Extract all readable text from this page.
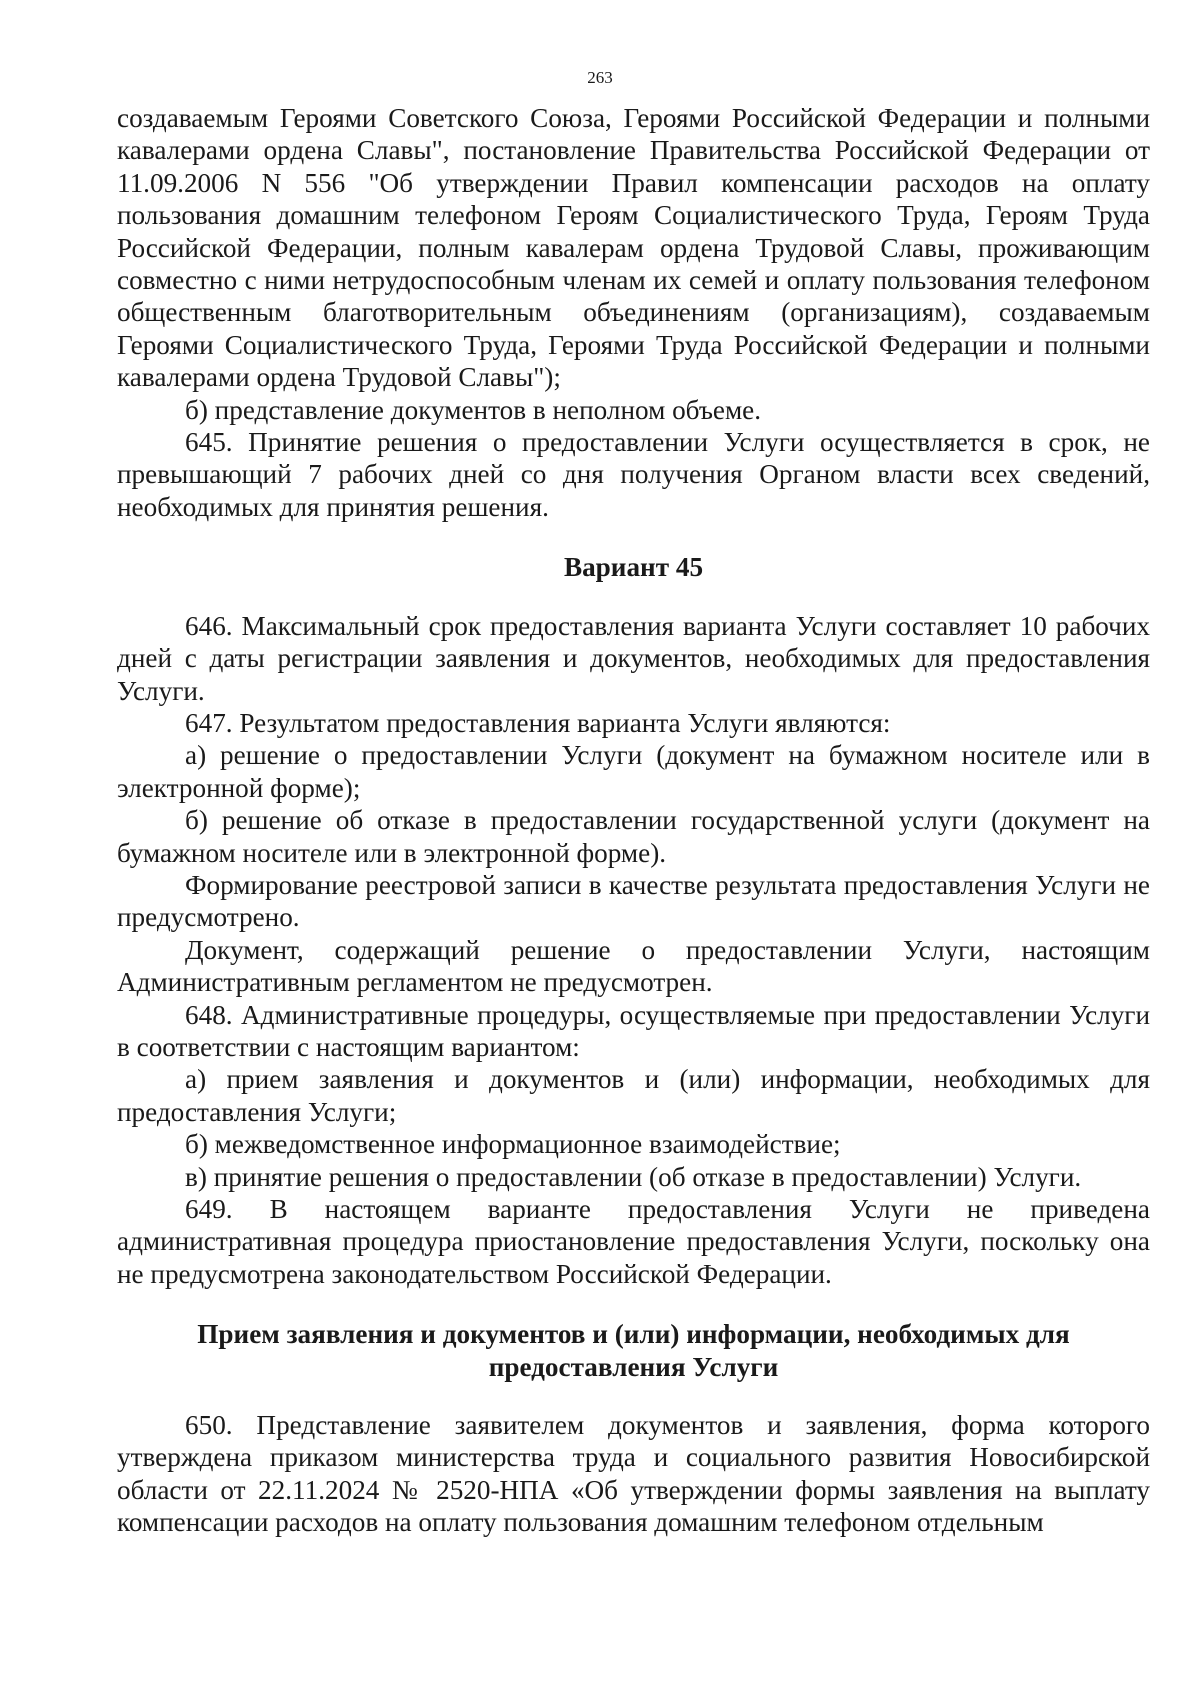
263

создаваемым Героями Советского Союза, Героями Российской Федерации и полными кавалерами ордена Славы", постановление Правительства Российской Федерации от 11.09.2006 N 556 "Об утверждении Правил компенсации расходов на оплату пользования домашним телефоном Героям Социалистического Труда, Героям Труда Российской Федерации, полным кавалерам ордена Трудовой Славы, проживающим совместно с ними нетрудоспособным членам их семей и оплату пользования телефоном общественным благотворительным объединениям (организациям), создаваемым Героями Социалистического Труда, Героями Труда Российской Федерации и полными кавалерами ордена Трудовой Славы");

б) представление документов в неполном объеме.

645. Принятие решения о предоставлении Услуги осуществляется в срок, не превышающий 7 рабочих дней со дня получения Органом власти всех сведений, необходимых для принятия решения.

Вариант 45

646. Максимальный срок предоставления варианта Услуги составляет 10 рабочих дней с даты регистрации заявления и документов, необходимых для предоставления Услуги.

647. Результатом предоставления варианта Услуги являются:

а) решение о предоставлении Услуги (документ на бумажном носителе или в электронной форме);

б) решение об отказе в предоставлении государственной услуги (документ на бумажном носителе или в электронной форме).

Формирование реестровой записи в качестве результата предоставления Услуги не предусмотрено.

Документ, содержащий решение о предоставлении Услуги, настоящим Административным регламентом не предусмотрен.

648. Административные процедуры, осуществляемые при предоставлении Услуги в соответствии с настоящим вариантом:

а) прием заявления и документов и (или) информации, необходимых для предоставления Услуги;

б) межведомственное информационное взаимодействие;

в) принятие решения о предоставлении (об отказе в предоставлении) Услуги.

649. В настоящем варианте предоставления Услуги не приведена административная процедура приостановление предоставления Услуги, поскольку она не предусмотрена законодательством Российской Федерации.

Прием заявления и документов и (или) информации, необходимых для
предоставления Услуги

650. Представление заявителем документов и заявления, форма которого утверждена приказом министерства труда и социального развития Новосибирской области от 22.11.2024 № 2520-НПА «Об утверждении формы заявления на выплату компенсации расходов на оплату пользования домашним телефоном отдельным
